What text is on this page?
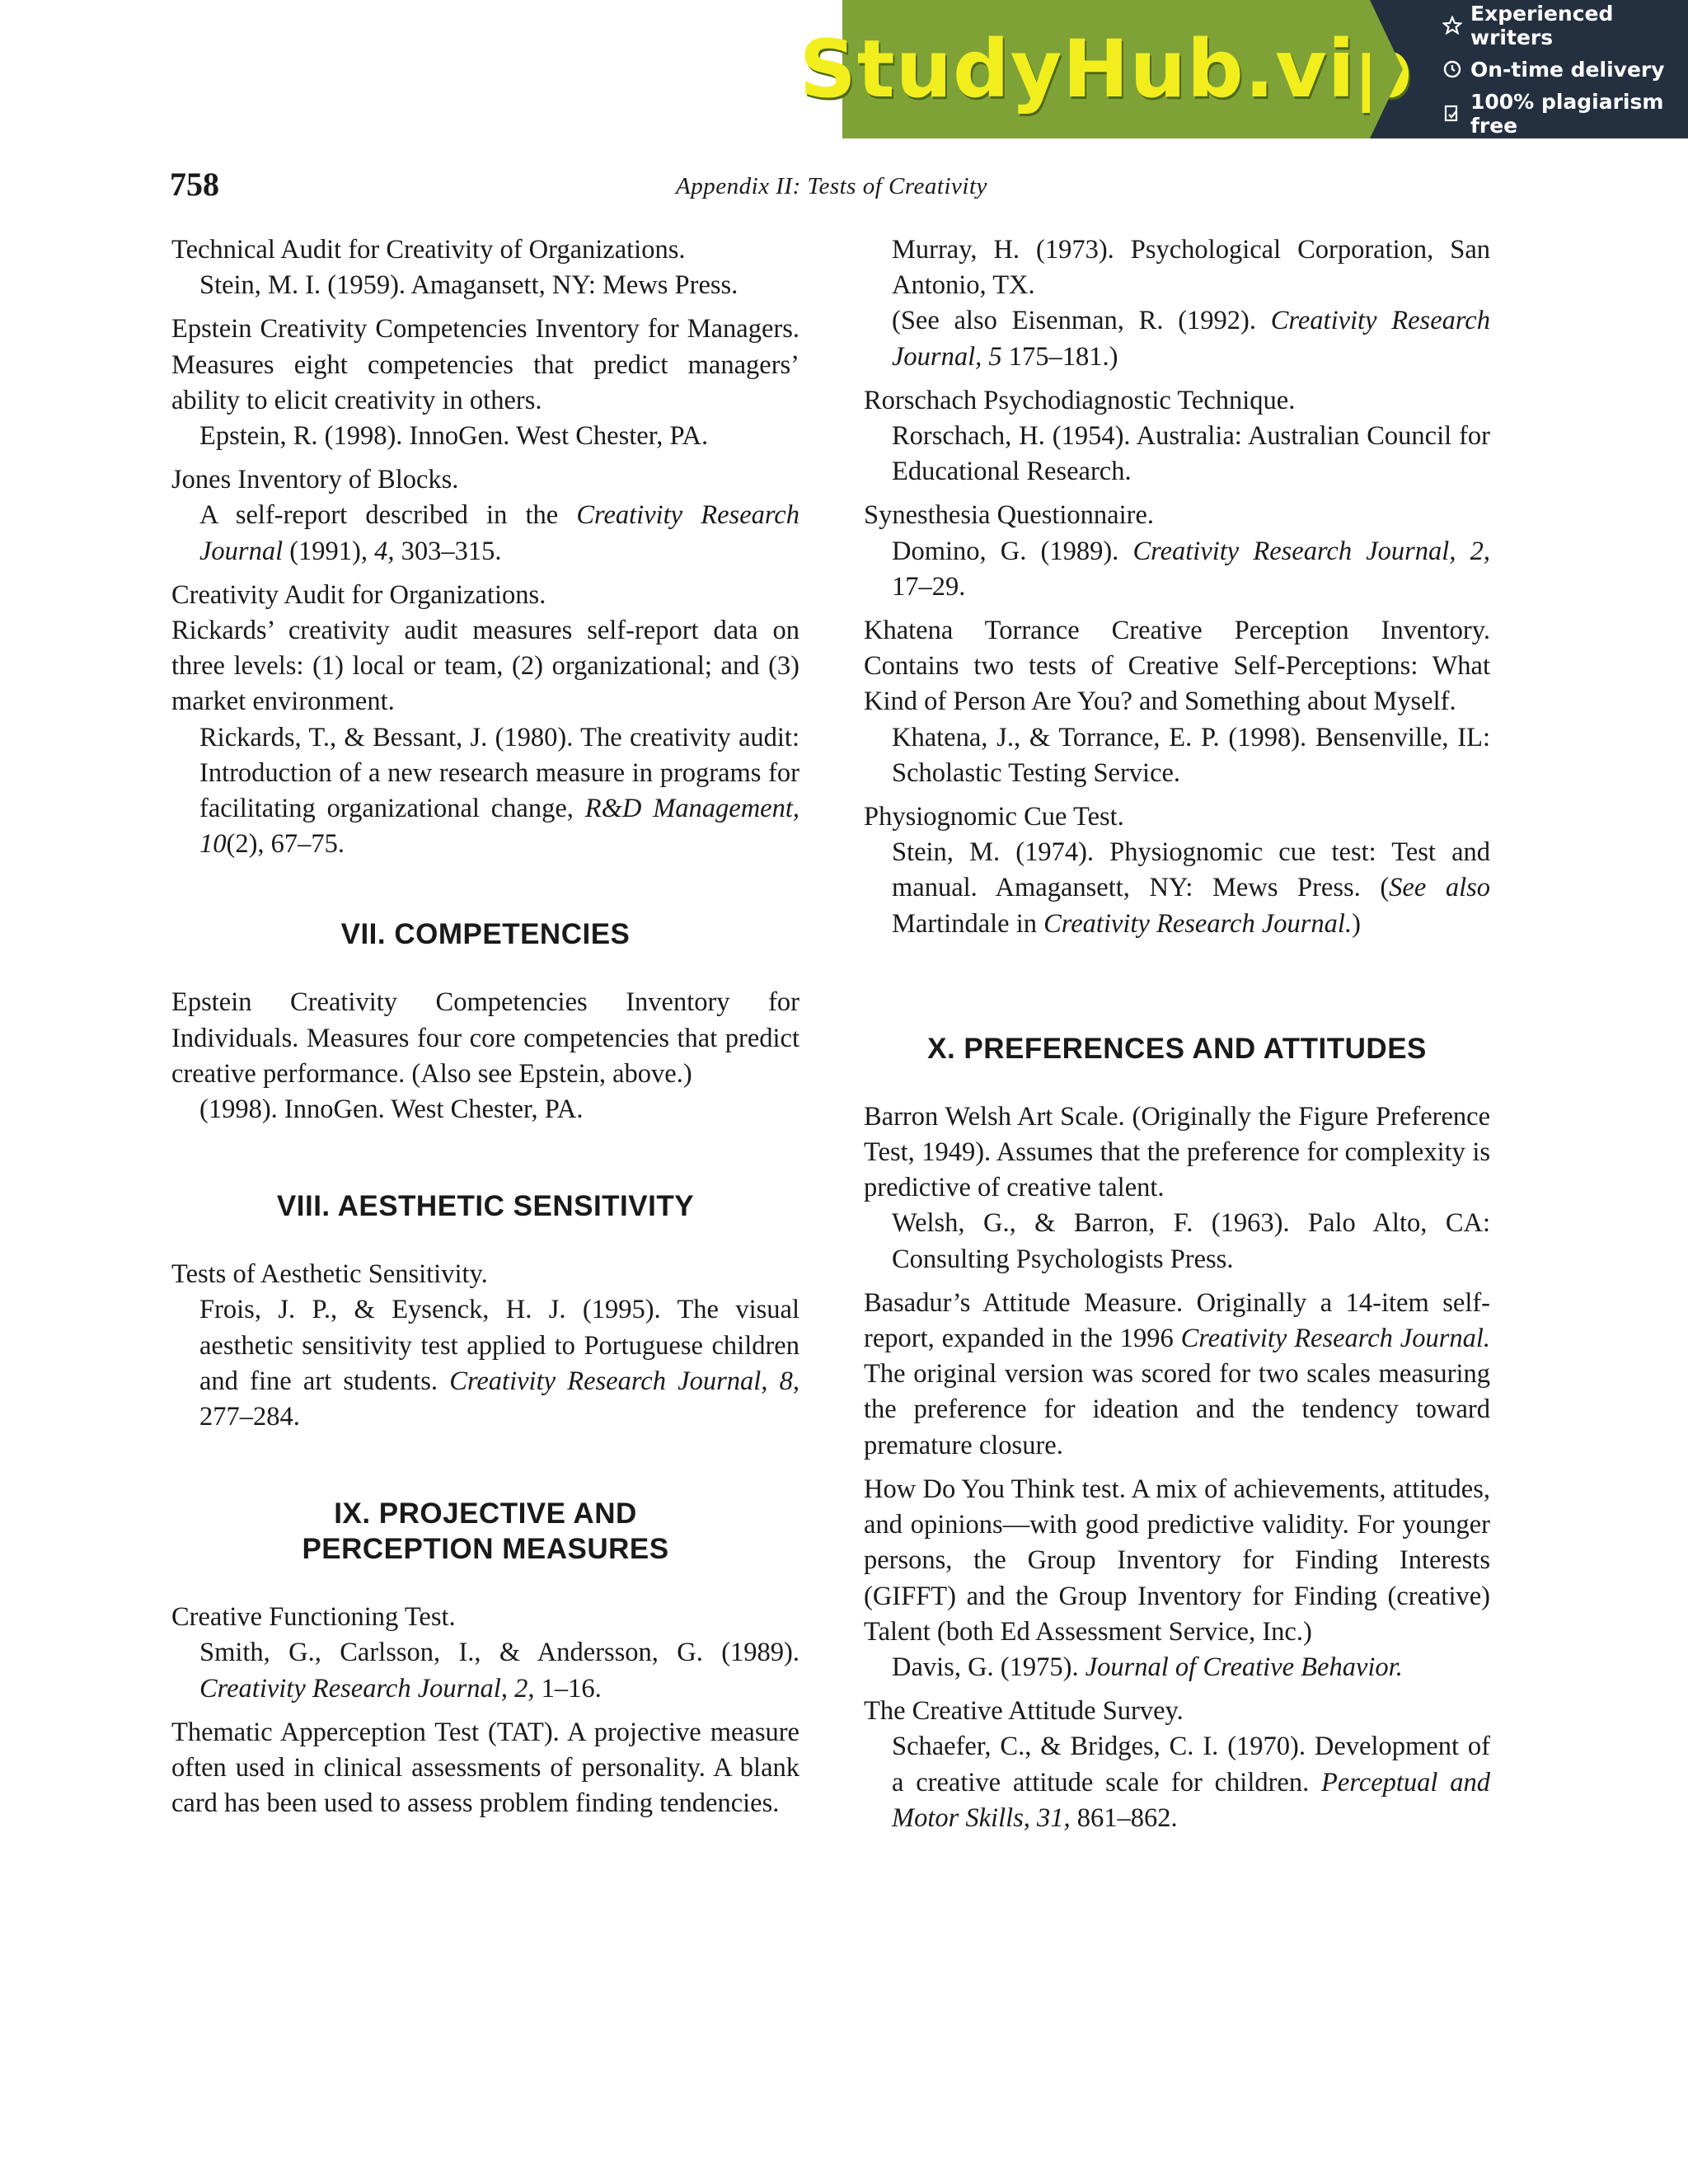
StudyHub.vip
Experienced writers
On-time delivery
100% plagiarism free
758	Appendix II: Tests of Creativity
Technical Audit for Creativity of Organizations.
Stein, M. I. (1959). Amagansett, NY: Mews Press.
Epstein Creativity Competencies Inventory for Managers. Measures eight competencies that predict managers’ ability to elicit creativity in others.
Epstein, R. (1998). InnoGen. West Chester, PA.
Jones Inventory of Blocks.
A self-report described in the Creativity Research Journal (1991), 4, 303–315.
Creativity Audit for Organizations.
Rickards’ creativity audit measures self-report data on three levels: (1) local or team, (2) organizational; and (3) market environment.
Rickards, T., & Bessant, J. (1980). The creativity audit: Introduction of a new research measure in programs for facilitating organizational change, R&D Management, 10(2), 67–75.
VII. COMPETENCIES
Epstein Creativity Competencies Inventory for Individuals. Measures four core competencies that predict creative performance. (Also see Epstein, above.)
(1998). InnoGen. West Chester, PA.
VIII. AESTHETIC SENSITIVITY
Tests of Aesthetic Sensitivity.
Frois, J. P., & Eysenck, H. J. (1995). The visual aesthetic sensitivity test applied to Portuguese children and fine art students. Creativity Research Journal, 8, 277–284.
IX. PROJECTIVE AND
PERCEPTION MEASURES
Creative Functioning Test.
Smith, G., Carlsson, I., & Andersson, G. (1989). Creativity Research Journal, 2, 1–16.
Thematic Apperception Test (TAT). A projective measure often used in clinical assessments of personality. A blank card has been used to assess problem finding tendencies.
Murray, H. (1973). Psychological Corporation, San Antonio, TX.
(See also Eisenman, R. (1992). Creativity Research Journal, 5 175–181.)
Rorschach Psychodiagnostic Technique.
Rorschach, H. (1954). Australia: Australian Council for Educational Research.
Synesthesia Questionnaire.
Domino, G. (1989). Creativity Research Journal, 2, 17–29.
Khatena Torrance Creative Perception Inventory. Contains two tests of Creative Self-Perceptions: What Kind of Person Are You? and Something about Myself.
Khatena, J., & Torrance, E. P. (1998). Bensenville, IL: Scholastic Testing Service.
Physiognomic Cue Test.
Stein, M. (1974). Physiognomic cue test: Test and manual. Amagansett, NY: Mews Press. (See also Martindale in Creativity Research Journal.)
X. PREFERENCES AND ATTITUDES
Barron Welsh Art Scale. (Originally the Figure Preference Test, 1949). Assumes that the preference for complexity is predictive of creative talent.
Welsh, G., & Barron, F. (1963). Palo Alto, CA: Consulting Psychologists Press.
Basadur’s Attitude Measure. Originally a 14-item self-report, expanded in the 1996 Creativity Research Journal. The original version was scored for two scales measuring the preference for ideation and the tendency toward premature closure.
How Do You Think test. A mix of achievements, attitudes, and opinions—with good predictive validity. For younger persons, the Group Inventory for Finding Interests (GIFFT) and the Group Inventory for Finding (creative) Talent (both Ed Assessment Service, Inc.)
Davis, G. (1975). Journal of Creative Behavior.
The Creative Attitude Survey.
Schaefer, C., & Bridges, C. I. (1970). Development of a creative attitude scale for children. Perceptual and Motor Skills, 31, 861–862.
